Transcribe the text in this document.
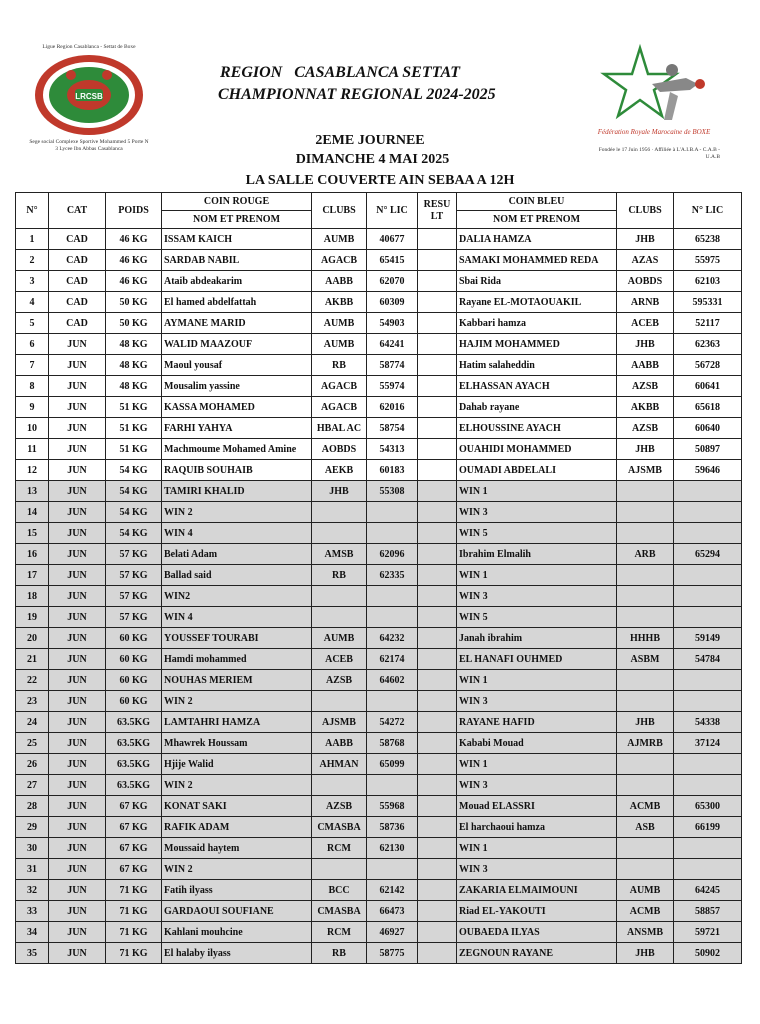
Ligue Region Casablanca - Settat de Boxe
LRCSB
Sege social Complexe Sportive Mohammed 5 Porte N 3 Lycee Ibn Abbas Casablanca
REGION   CASABLANCA SETTAT
CHAMPIONNAT REGIONAL 2024-2025
2EME JOURNEE
DIMANCHE 4 MAI 2025
LA SALLE COUVERTE AIN SEBAA A 12H
Fédération Royale Marocaine de BOXE
Fondée le 17 Juin 1956 · Affiliée à L'A.I.B.A - C.A.B - U.A.B
N°	CAT	POIDS	COIN ROUGE	CLUBS	N° LIC	RESU LT	COIN BLEU	CLUBS	N° LIC
			NOM ET PRENOM				NOM ET PRENOM		
1	CAD	46 KG	ISSAM KAICH	AUMB	40677		DALIA HAMZA	JHB	65238
2	CAD	46 KG	SARDAB NABIL	AGACB	65415		SAMAKI MOHAMMED REDA	AZAS	55975
3	CAD	46 KG	Ataib abdeakarim	AABB	62070		Sbai Rida	AOBDS	62103
4	CAD	50 KG	El hamed abdelfattah	AKBB	60309		Rayane EL-MOTAOUAKIL	ARNB	595331
5	CAD	50 KG	AYMANE MARID	AUMB	54903		Kabbari hamza	ACEB	52117
6	JUN	48 KG	WALID MAAZOUF	AUMB	64241		HAJIM MOHAMMED	JHB	62363
7	JUN	48 KG	Maoul yousaf	RB	58774		Hatim salaheddin	AABB	56728
8	JUN	48 KG	Mousalim yassine	AGACB	55974		ELHASSAN AYACH	AZSB	60641
9	JUN	51 KG	KASSA MOHAMED	AGACB	62016		Dahab rayane	AKBB	65618
10	JUN	51 KG	FARHI YAHYA	HBAL AC	58754		ELHOUSSINE AYACH	AZSB	60640
11	JUN	51 KG	Machmoume Mohamed Amine	AOBDS	54313		OUAHIDI MOHAMMED	JHB	50897
12	JUN	54 KG	RAQUIB SOUHAIB	AEKB	60183		OUMADI ABDELALI	AJSMB	59646
13	JUN	54 KG	TAMIRI KHALID	JHB	55308		WIN 1		
14	JUN	54 KG	WIN 2				WIN 3		
15	JUN	54 KG	WIN 4				WIN 5		
16	JUN	57 KG	Belati Adam	AMSB	62096		Ibrahim Elmalih	ARB	65294
17	JUN	57 KG	Ballad said	RB	62335		WIN 1		
18	JUN	57 KG	WIN2				WIN 3		
19	JUN	57 KG	WIN 4				WIN 5		
20	JUN	60 KG	YOUSSEF TOURABI	AUMB	64232		Janah ibrahim	HHHB	59149
21	JUN	60 KG	Hamdi mohammed	ACEB	62174		EL HANAFI OUHMED	ASBM	54784
22	JUN	60 KG	NOUHAS MERIEM	AZSB	64602		WIN 1		
23	JUN	60 KG	WIN 2				WIN 3		
24	JUN	63.5KG	LAMTAHRI HAMZA	AJSMB	54272		RAYANE HAFID	JHB	54338
25	JUN	63.5KG	Mhawrek Houssam	AABB	58768		Kababi Mouad	AJMRB	37124
26	JUN	63.5KG	Hjije Walid	AHMAN	65099		WIN 1		
27	JUN	63.5KG	WIN 2				WIN 3		
28	JUN	67 KG	KONAT SAKI	AZSB	55968		Mouad ELASSRI	ACMB	65300
29	JUN	67 KG	RAFIK ADAM	CMASBA	58736		El harchaoui hamza	ASB	66199
30	JUN	67 KG	Moussaid haytem	RCM	62130		WIN 1		
31	JUN	67 KG	WIN 2				WIN 3		
32	JUN	71 KG	Fatih ilyass	BCC	62142		ZAKARIA ELMAIMOUNI	AUMB	64245
33	JUN	71 KG	GARDAOUI SOUFIANE	CMASBA	66473		Riad EL-YAKOUTI	ACMB	58857
34	JUN	71 KG	Kahlani mouhcine	RCM	46927		OUBAEDA ILYAS	ANSMB	59721
35	JUN	71 KG	El halaby ilyass	RB	58775		ZEGNOUN RAYANE	JHB	50902
